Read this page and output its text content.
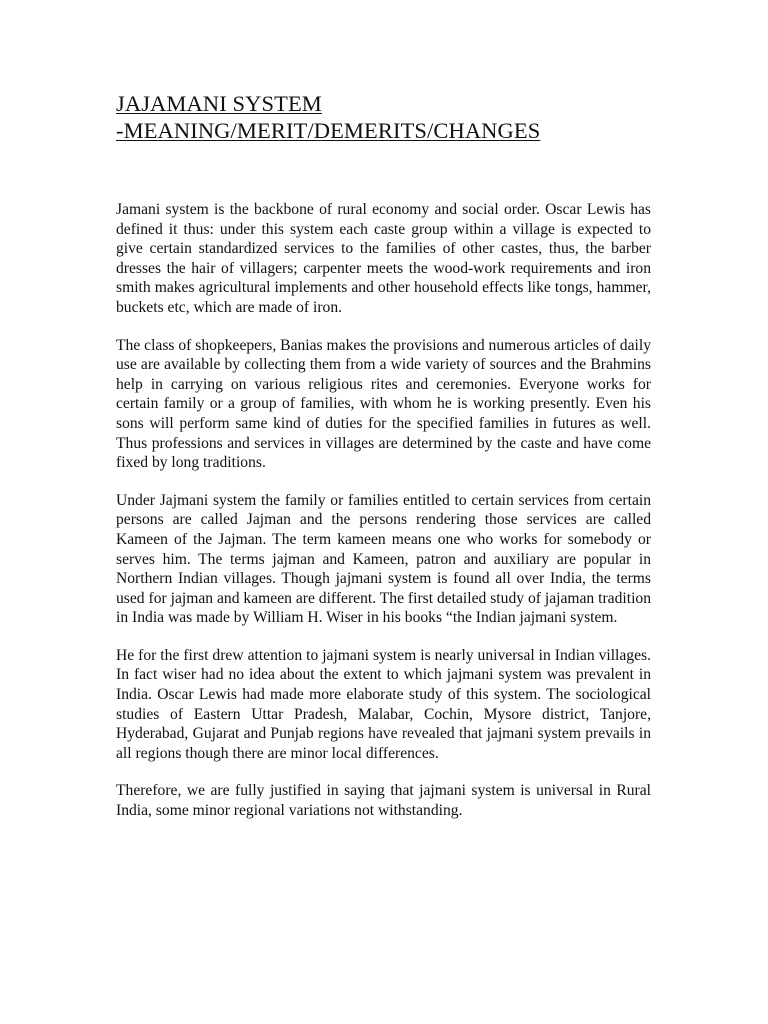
JAJAMANI SYSTEM
-MEANING/MERIT/DEMERITS/CHANGES

Jamani system is the backbone of rural economy and social order. Oscar Lewis has defined it thus: under this system each caste group within a village is expected to give certain standardized services to the families of other castes, thus, the barber dresses the hair of villagers; carpenter meets the wood-work requirements and iron smith makes agricultural implements and other household effects like tongs, hammer, buckets etc, which are made of iron.

The class of shopkeepers, Banias makes the provisions and numerous articles of daily use are available by collecting them from a wide variety of sources and the Brahmins help in carrying on various religious rites and ceremonies. Everyone works for certain family or a group of families, with whom he is working presently. Even his sons will perform same kind of duties for the specified families in futures as well. Thus professions and services in villages are determined by the caste and have come fixed by long traditions.

Under Jajmani system the family or families entitled to certain services from certain persons are called Jajman and the persons rendering those services are called Kameen of the Jajman. The term kameen means one who works for somebody or serves him. The terms jajman and Kameen, patron and auxiliary are popular in Northern Indian villages. Though jajmani system is found all over India, the terms used for jajman and kameen are different. The first detailed study of jajaman tradition in India was made by William H. Wiser in his books “the Indian jajmani system.

He for the first drew attention to jajmani system is nearly universal in Indian villages. In fact wiser had no idea about the extent to which jajmani system was prevalent in India. Oscar Lewis had made more elaborate study of this system. The sociological studies of Eastern Uttar Pradesh, Malabar, Cochin, Mysore district, Tanjore, Hyderabad, Gujarat and Punjab regions have revealed that jajmani system prevails in all regions though there are minor local differences.

Therefore, we are fully justified in saying that jajmani system is universal in Rural India, some minor regional variations not withstanding.
